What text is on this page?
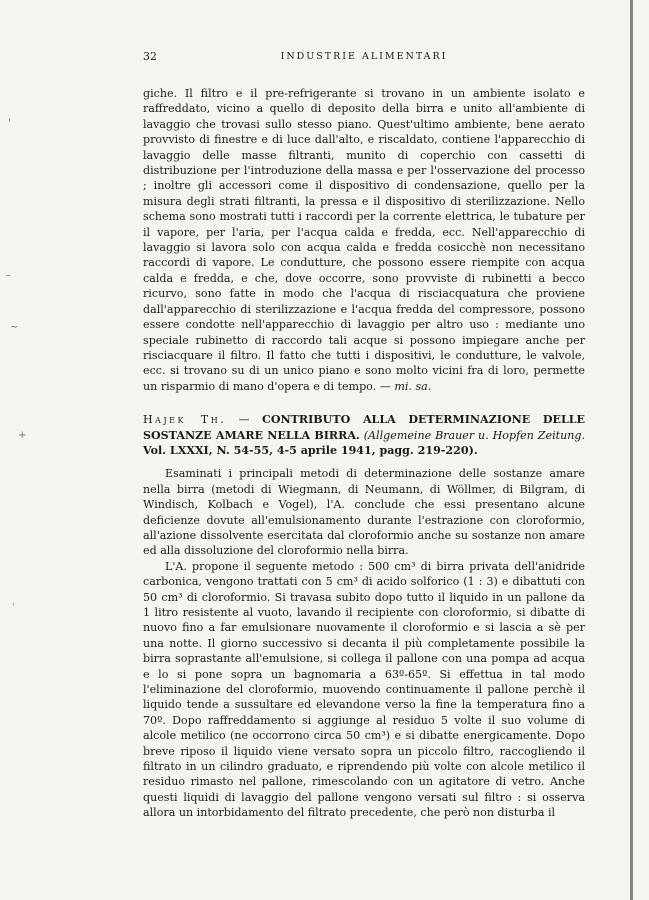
32	INDUSTRIE ALIMENTARI

giche. Il filtro e il pre-refrigerante si trovano in un ambiente isolato e raffreddato, vicino a quello di deposito della birra e unito all'ambiente di lavaggio che trovasi sullo stesso piano. Quest'ultimo ambiente, bene aerato provvisto di finestre e di luce dall'alto, e riscaldato, contiene l'apparecchio di lavaggio delle masse filtranti, munito di coperchio con cassetti di distribuzione per l'introduzione della massa e per l'osservazione del processo ; inoltre gli accessori come il dispositivo di condensazione, quello per la misura degli strati filtranti, la pressa e il dispositivo di sterilizzazione. Nello schema sono mostrati tutti i raccordi per la corrente elettrica, le tubature per il vapore, per l'aria, per l'acqua calda e fredda, ecc. Nell'apparecchio di lavaggio si lavora solo con acqua calda e fredda cosicchè non necessitano raccordi di vapore. Le condutture, che possono essere riempite con acqua calda e fredda, e che, dove occorre, sono provviste di rubinetti a becco ricurvo, sono fatte in modo che l'acqua di risciacquatura che proviene dall'apparecchio di sterilizzazione e l'acqua fredda del compressore, possono essere condotte nell'apparecchio di lavaggio per altro uso : mediante uno speciale rubinetto di raccordo tali acque si possono impiegare anche per risciacquare il filtro. Il fatto che tutti i dispositivi, le condutture, le valvole, ecc. si trovano su di un unico piano e sono molto vicini fra di loro, permette un risparmio di mano d'opera e di tempo. — mi. sa.

Hajek Th. — CONTRIBUTO ALLA DETERMINAZIONE DELLE SOSTANZE AMARE NELLA BIRRA. (Allgemeine Brauer u. Hopfen Zeitung. Vol. LXXXI, N. 54-55, 4-5 aprile 1941, pagg. 219-220).

Esaminati i principali metodi di determinazione delle sostanze amare nella birra (metodi di Wiegmann, di Neumann, di Wöllmer, di Bilgram, di Windisch, Kolbach e Vogel), l'A. conclude che essi presentano alcune deficienze dovute all'emulsionamento durante l'estrazione con cloroformio, all'azione dissolvente esercitata dal cloroformio anche su sostanze non amare ed alla dissoluzione del cloroformio nella birra.

L'A. propone il seguente metodo : 500 cm³ di birra privata dell'anidride carbonica, vengono trattati con 5 cm³ di acido solforico (1 : 3) e dibattuti con 50 cm³ di cloroformio. Si travasa subito dopo tutto il liquido in un pallone da 1 litro resistente al vuoto, lavando il recipiente con cloroformio, si dibatte di nuovo fino a far emulsionare nuovamente il cloroformio e si lascia a sè per una notte. Il giorno successivo si decanta il più completamente possibile la birra soprastante all'emulsione, si collega il pallone con una pompa ad acqua e lo si pone sopra un bagnomaria a 63º-65º. Si effettua in tal modo l'eliminazione del cloroformio, muovendo continuamente il pallone perchè il liquido tende a sussultare ed elevandone verso la fine la temperatura fino a 70º. Dopo raffreddamento si aggiunge al residuo 5 volte il suo volume di alcole metilico (ne occorrono circa 50 cm³) e si dibatte energicamente. Dopo breve riposo il liquido viene versato sopra un piccolo filtro, raccogliendo il filtrato in un cilindro graduato, e riprendendo più volte con alcole metilico il residuo rimasto nel pallone, rimescolando con un agitatore di vetro. Anche questi liquidi di lavaggio del pallone vengono versati sul filtro : si osserva allora un intorbidamento del filtrato precedente, che però non disturba il

'
–
~
+
·
